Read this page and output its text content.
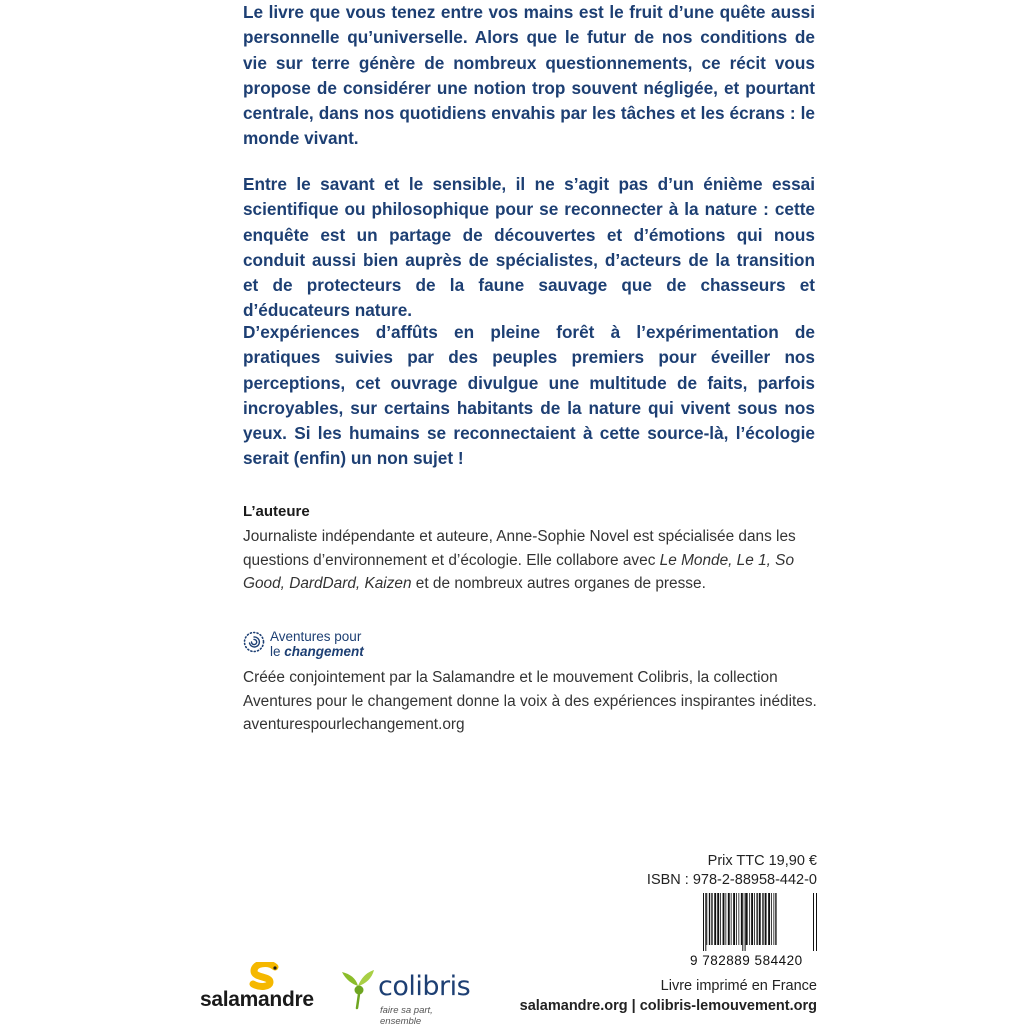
Le livre que vous tenez entre vos mains est le fruit d’une quête aussi personnelle qu’universelle. Alors que le futur de nos conditions de vie sur terre génère de nombreux questionnements, ce récit vous propose de considérer une notion trop souvent négligée, et pourtant centrale, dans nos quotidiens envahis par les tâches et les écrans : le monde vivant.

Entre le savant et le sensible, il ne s’agit pas d’un énième essai scientifique ou philosophique pour se reconnecter à la nature : cette enquête est un partage de découvertes et d’émotions qui nous conduit aussi bien auprès de spécialistes, d’acteurs de la transition et de protecteurs de la faune sauvage que de chasseurs et d’éducateurs nature.

D’expériences d’affûts en pleine forêt à l’expérimentation de pratiques suivies par des peuples premiers pour éveiller nos perceptions, cet ouvrage divulgue une multitude de faits, parfois incroyables, sur certains habitants de la nature qui vivent sous nos yeux. Si les humains se reconnectaient à cette source-là, l’écologie serait (enfin) un non sujet !

L’auteure

Journaliste indépendante et auteure, Anne-Sophie Novel est spécialisée dans les questions d’environnement et d’écologie. Elle collabore avec Le Monde, Le 1, So Good, DardDard, Kaizen et de nombreux autres organes de presse.

Aventures pour
le changement

Créée conjointement par la Salamandre et le mouvement Colibris, la collection Aventures pour le changement donne la voix à des expériences inspirantes inédites. aventurespourlechangement.org

Prix TTC 19,90 €
ISBN : 978-2-88958-442-0
9 782889 584420
Livre imprimé en France
salamandre.org | colibris-lemouvement.org
salamandre colibris
faire sa part, ensemble
